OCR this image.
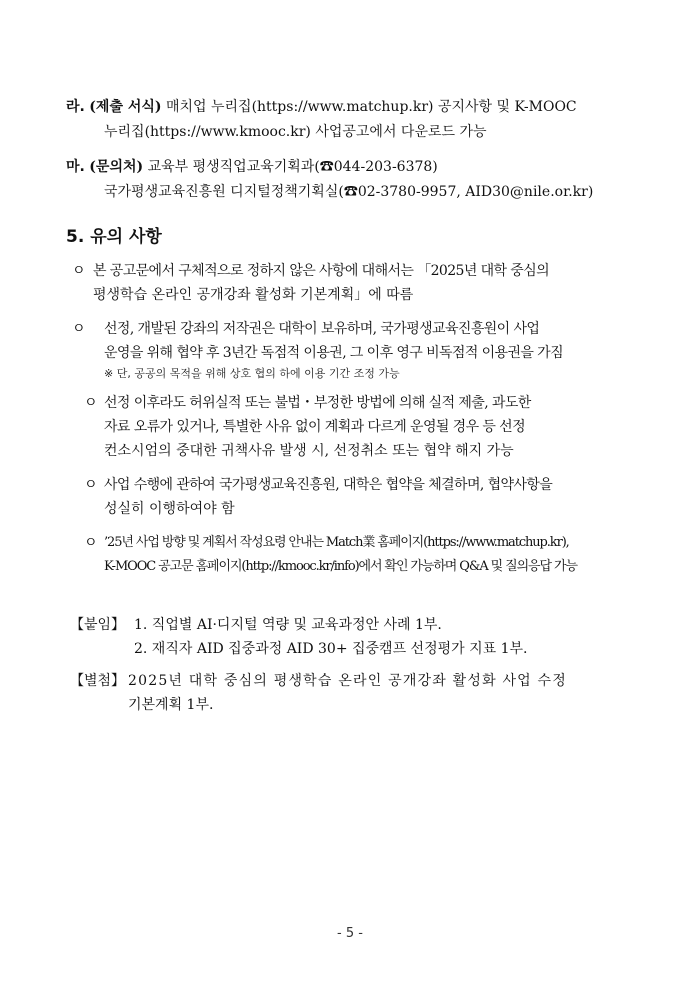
라. (제출 서식) 매치업 누리집(https://www.matchup.kr) 공지사항 및 K-MOOC
누리집(https://www.kmooc.kr) 사업공고에서 다운로드 가능
마. (문의처) 교육부 평생직업교육기획과(☎044-203-6378)
국가평생교육진흥원 디지털정책기획실(☎02-3780-9957, AID30@nile.or.kr)
5. 유의 사항
ㅇ 본 공고문에서 구체적으로 정하지 않은 사항에 대해서는 「2025년 대학 중심의
평생학습 온라인 공개강좌 활성화 기본계획」에 따름
ㅇ 선정, 개발된 강좌의 저작권은 대학이 보유하며, 국가평생교육진흥원이 사업
운영을 위해 협약 후 3년간 독점적 이용권, 그 이후 영구 비독점적 이용권을 가짐
※ 단, 공공의 목적을 위해 상호 협의 하에 이용 기간 조정 가능
ㅇ 선정 이후라도 허위실적 또는 불법・부정한 방법에 의해 실적 제출, 과도한
자료 오류가 있거나, 특별한 사유 없이 계획과 다르게 운영될 경우 등 선정
컨소시엄의 중대한 귀책사유 발생 시, 선정취소 또는 협약 해지 가능
ㅇ 사업 수행에 관하여 국가평생교육진흥원, 대학은 협약을 체결하며, 협약사항을
성실히 이행하여야 함
ㅇ ’25년 사업 방향 및 계획서 작성요령 안내는 Match業 홈페이지(https://www.matchup.kr),
K-MOOC 공고문 홈페이지(http://kmooc.kr/info)에서 확인 가능하며 Q&A 및 질의응답 가능
【붙임】 1. 직업별 AI·디지털 역량 및 교육과정안 사례 1부.
2. 재직자 AID 집중과정 AID 30+ 집중캠프 선정평가 지표 1부.
【별첨】 2025년 대학 중심의 평생학습 온라인 공개강좌 활성화 사업 수정
기본계획 1부.
- 5 -
